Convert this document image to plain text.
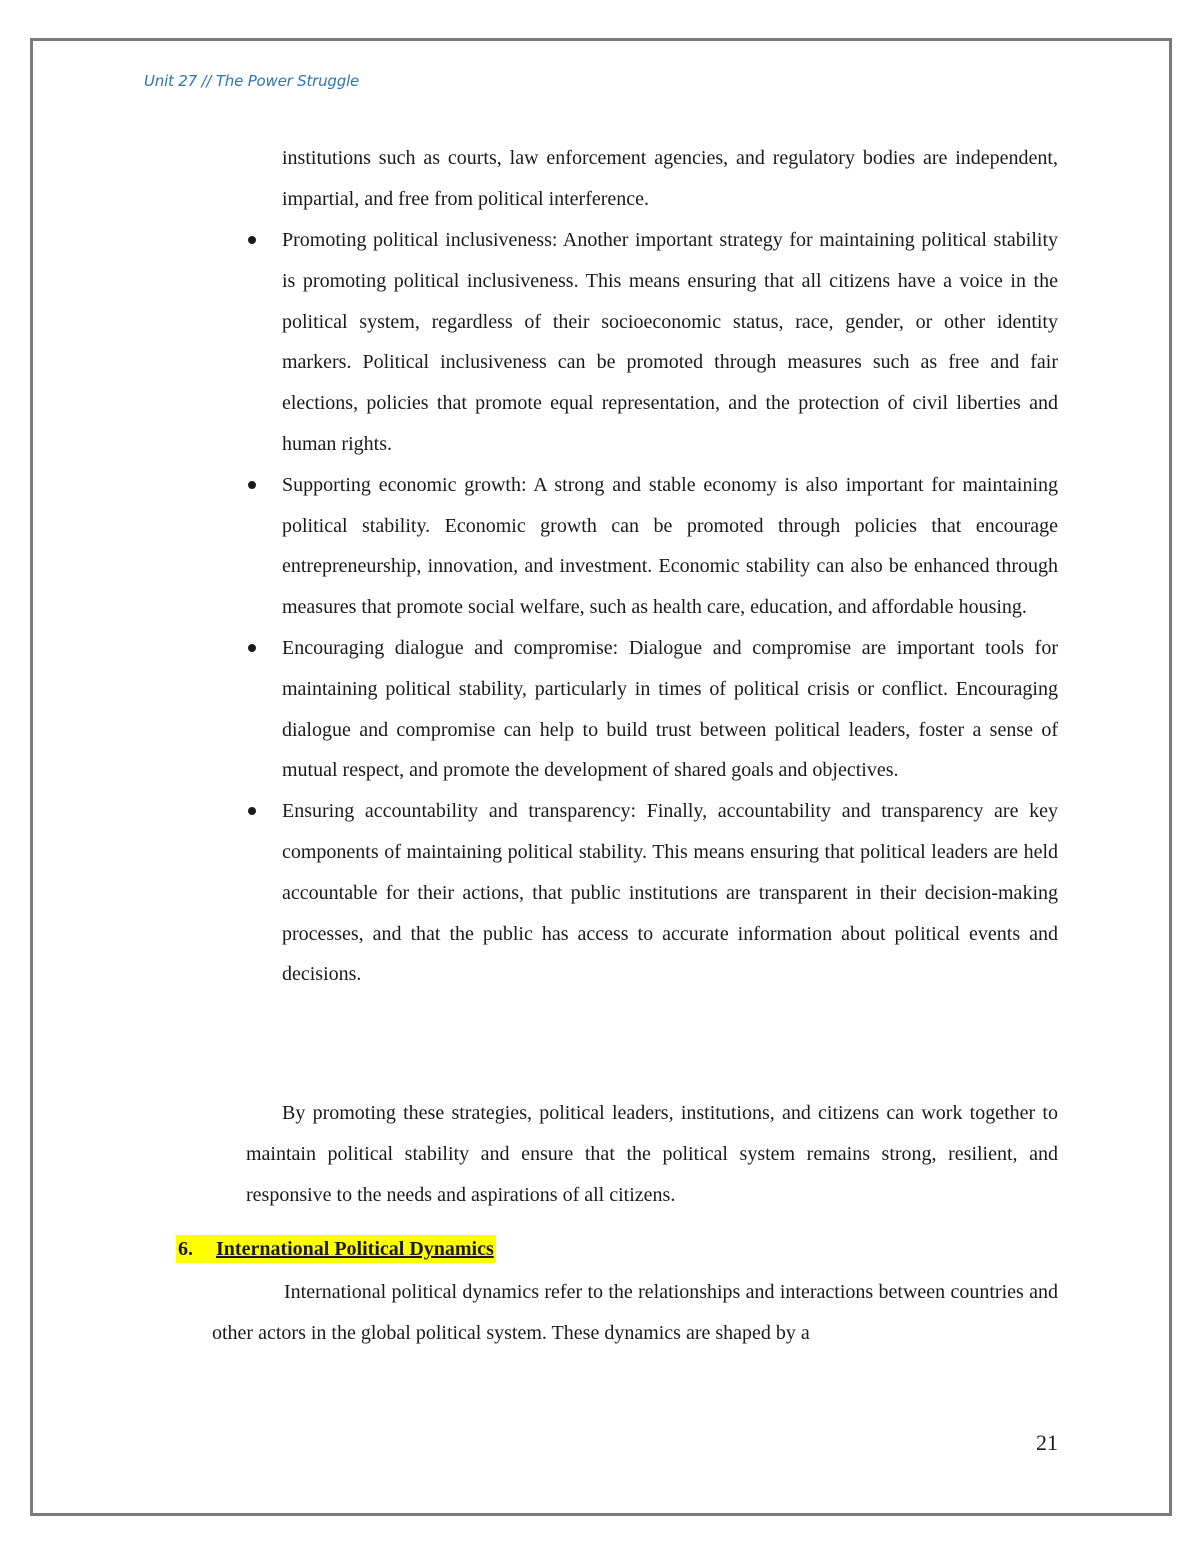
Unit 27 // The Power Struggle

institutions such as courts, law enforcement agencies, and regulatory bodies are independent, impartial, and free from political interference.

Promoting political inclusiveness: Another important strategy for maintaining political stability is promoting political inclusiveness. This means ensuring that all citizens have a voice in the political system, regardless of their socioeconomic status, race, gender, or other identity markers. Political inclusiveness can be promoted through measures such as free and fair elections, policies that promote equal representation, and the protection of civil liberties and human rights.
Supporting economic growth: A strong and stable economy is also important for maintaining political stability. Economic growth can be promoted through policies that encourage entrepreneurship, innovation, and investment. Economic stability can also be enhanced through measures that promote social welfare, such as health care, education, and affordable housing.
Encouraging dialogue and compromise: Dialogue and compromise are important tools for maintaining political stability, particularly in times of political crisis or conflict. Encouraging dialogue and compromise can help to build trust between political leaders, foster a sense of mutual respect, and promote the development of shared goals and objectives.
Ensuring accountability and transparency: Finally, accountability and transparency are key components of maintaining political stability. This means ensuring that political leaders are held accountable for their actions, that public institutions are transparent in their decision-making processes, and that the public has access to accurate information about political events and decisions.

By promoting these strategies, political leaders, institutions, and citizens can work together to maintain political stability and ensure that the political system remains strong, resilient, and responsive to the needs and aspirations of all citizens.

6. International Political Dynamics

International political dynamics refer to the relationships and interactions between countries and other actors in the global political system. These dynamics are shaped by a

21
